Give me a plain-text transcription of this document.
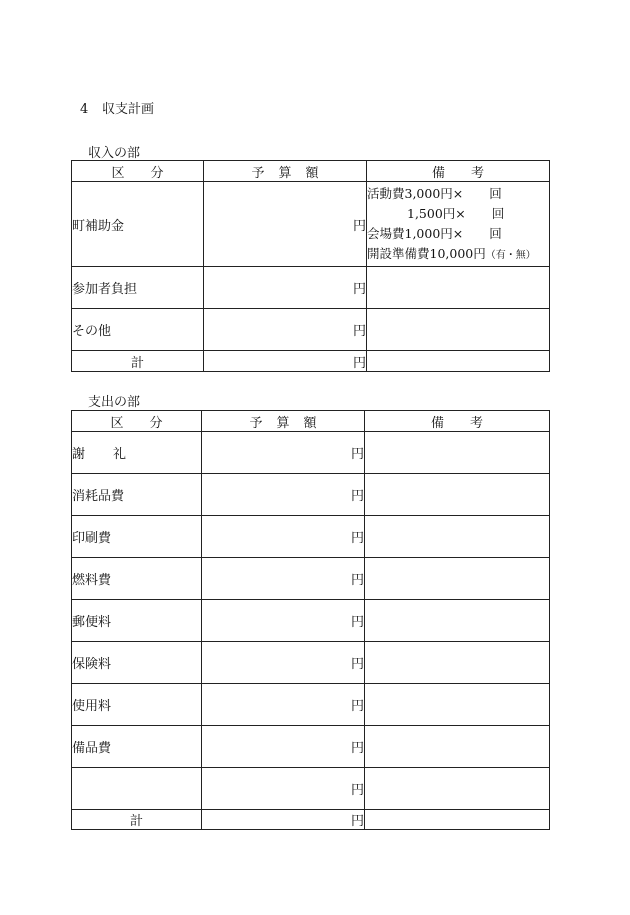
4 収支計画
収入の部
区 分	予 算 額	備 考
町補助金	円	活動費3,000円× 回
1,500円× 回
会場費1,000円× 回
開設準備費10,000円（有・無）

参加者負担	円	
その他	円	
計	円	
支出の部
区 分	予 算 額	備 考
謝 礼	円	
消耗品費	円	
印刷費	円	
燃料費	円	
郵便料	円	
保険料	円	
使用料	円	
備品費	円	
	円	
計	円	
